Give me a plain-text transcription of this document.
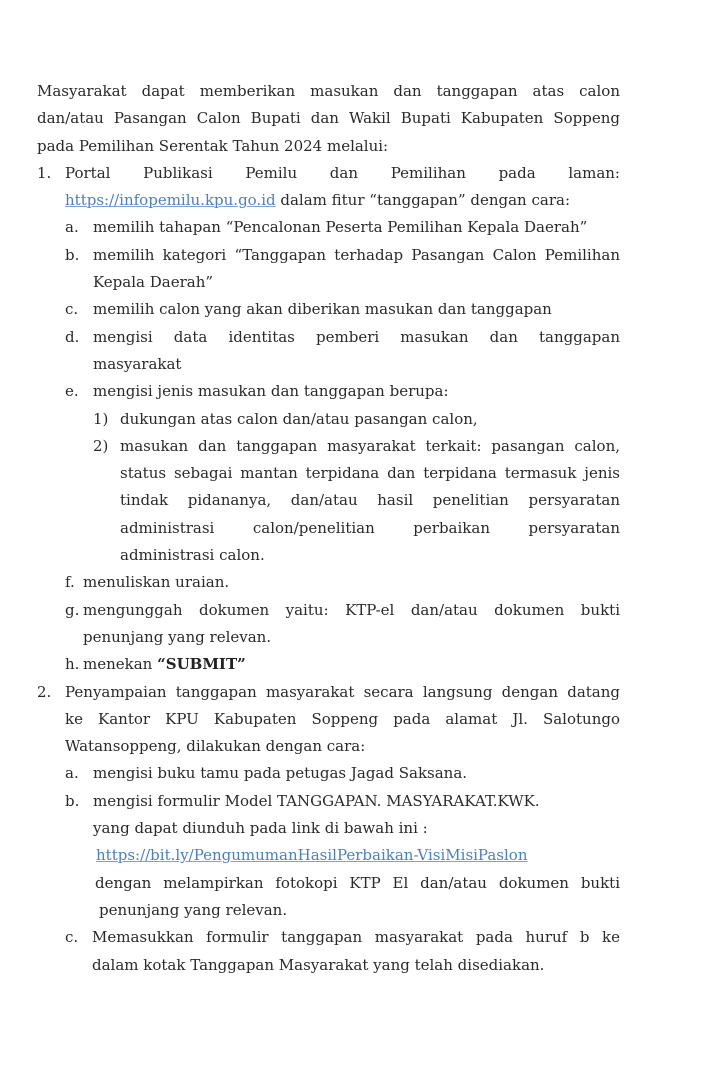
Masyarakat dapat memberikan masukan dan tanggapan atas calon
dan/atau Pasangan Calon Bupati dan Wakil Bupati Kabupaten Soppeng
pada Pemilihan Serentak Tahun 2024 melalui:
1. Portal Publikasi Pemilu dan Pemilihan pada laman:
https://infopemilu.kpu.go.id dalam fitur “tanggapan” dengan cara:
a. memilih tahapan “Pencalonan Peserta Pemilihan Kepala Daerah”
b. memilih kategori “Tanggapan terhadap Pasangan Calon Pemilihan
Kepala Daerah”
c. memilih calon yang akan diberikan masukan dan tanggapan
d. mengisi data identitas pemberi masukan dan tanggapan
masyarakat
e. mengisi jenis masukan dan tanggapan berupa:
1) dukungan atas calon dan/atau pasangan calon,
2) masukan dan tanggapan masyarakat terkait: pasangan calon,
status sebagai mantan terpidana dan terpidana termasuk jenis
tindak pidananya, dan/atau hasil penelitian persyaratan
administrasi calon/penelitian perbaikan persyaratan
administrasi calon.
f. menuliskan uraian.
g. mengunggah dokumen yaitu: KTP-el dan/atau dokumen bukti
penunjang yang relevan.
h. menekan “SUBMIT”
2. Penyampaian tanggapan masyarakat secara langsung dengan datang
ke Kantor KPU Kabupaten Soppeng pada alamat Jl. Salotungo
Watansoppeng, dilakukan dengan cara:
a. mengisi buku tamu pada petugas Jagad Saksana.
b. mengisi formulir Model TANGGAPAN. MASYARAKAT.KWK.
yang dapat diunduh pada link di bawah ini :
https://bit.ly/PengumumanHasilPerbaikan-VisiMisiPaslon
dengan melampirkan fotokopi KTP El dan/atau dokumen bukti
penunjang yang relevan.
c. Memasukkan formulir tanggapan masyarakat pada huruf b ke
dalam kotak Tanggapan Masyarakat yang telah disediakan.
